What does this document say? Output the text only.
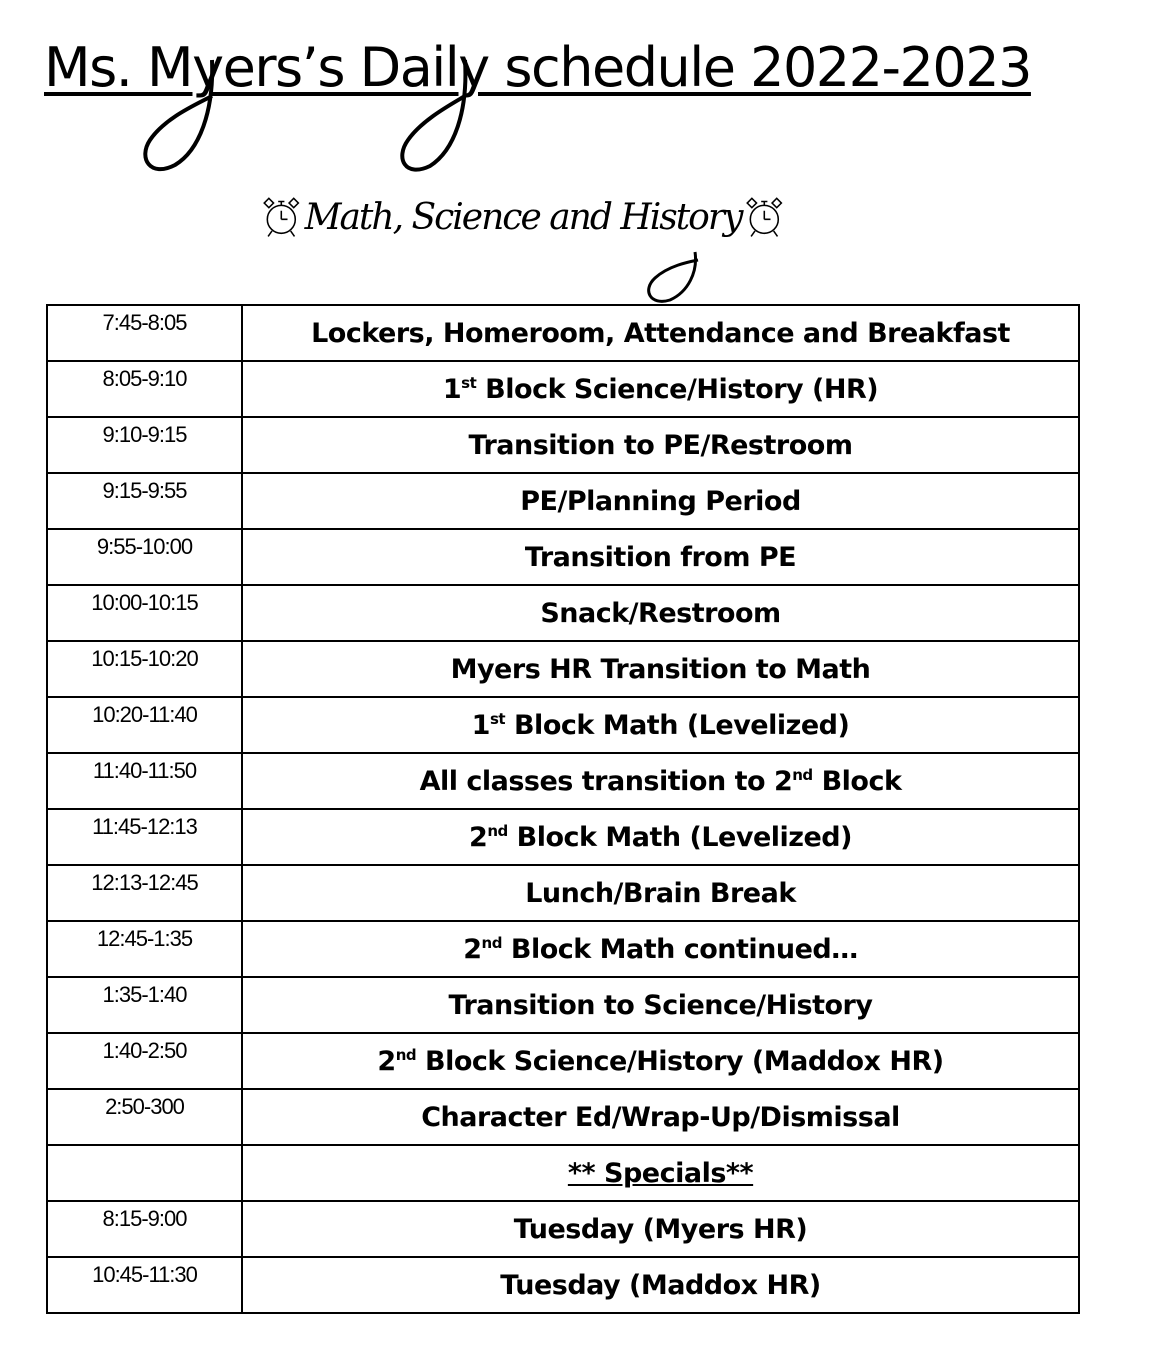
Ms. Myers’s Daily schedule 2022-2023
Math, Science and History
7:45-8:05	Lockers, Homeroom, Attendance and Breakfast
8:05-9:10	1st Block Science/History (HR)
9:10-9:15	Transition to PE/Restroom
9:15-9:55	PE/Planning Period
9:55-10:00	Transition from PE
10:00-10:15	Snack/Restroom
10:15-10:20	Myers HR Transition to Math
10:20-11:40	1st Block Math (Levelized)
11:40-11:50	All classes transition to 2nd Block
11:45-12:13	2nd Block Math (Levelized)
12:13-12:45	Lunch/Brain Break
12:45-1:35	2nd Block Math continued…
1:35-1:40	Transition to Science/History
1:40-2:50	2nd Block Science/History (Maddox HR)
2:50-300	Character Ed/Wrap-Up/Dismissal
	** Specials**
8:15-9:00	Tuesday (Myers HR)
10:45-11:30	Tuesday (Maddox HR)
